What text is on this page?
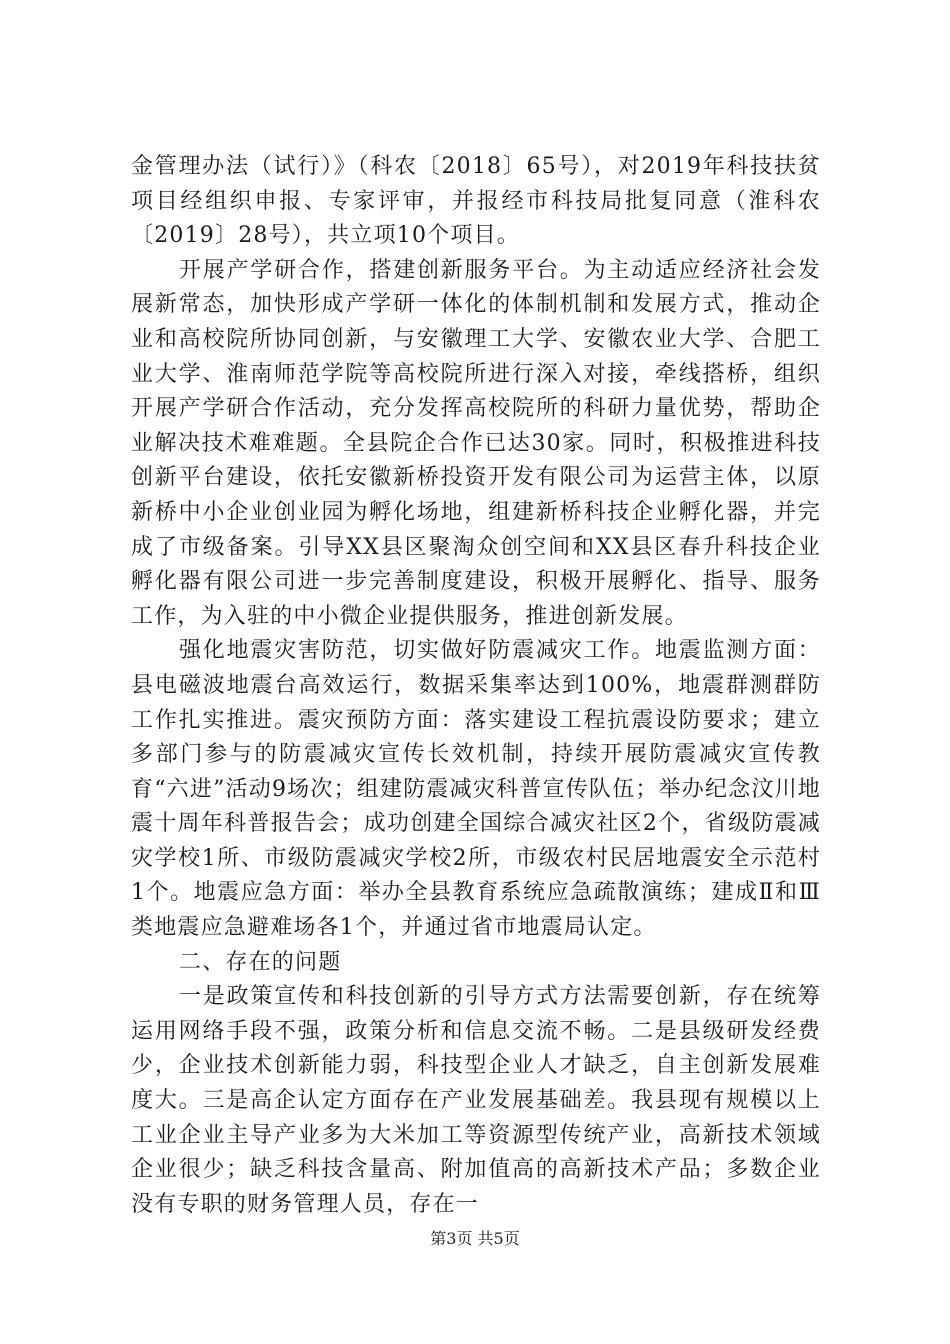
金管理办法（试行）》（科农〔2018〕65号），对2019年科技扶贫项目经组织申报、专家评审，并报经市科技局批复同意（淮科农〔2019〕28号），共立项10个项目。

开展产学研合作，搭建创新服务平台。为主动适应经济社会发展新常态，加快形成产学研一体化的体制机制和发展方式，推动企业和高校院所协同创新，与安徽理工大学、安徽农业大学、合肥工业大学、淮南师范学院等高校院所进行深入对接，牵线搭桥，组织开展产学研合作活动，充分发挥高校院所的科研力量优势，帮助企业解决技术难难题。全县院企合作已达30家。同时，积极推进科技创新平台建设，依托安徽新桥投资开发有限公司为运营主体，以原新桥中小企业创业园为孵化场地，组建新桥科技企业孵化器，并完成了市级备案。引导XX县区聚淘众创空间和XX县区春升科技企业孵化器有限公司进一步完善制度建设，积极开展孵化、指导、服务工作，为入驻的中小微企业提供服务，推进创新发展。

强化地震灾害防范，切实做好防震减灾工作。地震监测方面：县电磁波地震台高效运行，数据采集率达到100%，地震群测群防工作扎实推进。震灾预防方面：落实建设工程抗震设防要求；建立多部门参与的防震减灾宣传长效机制，持续开展防震减灾宣传教育“六进”活动9场次；组建防震减灾科普宣传队伍；举办纪念汶川地震十周年科普报告会；成功创建全国综合减灾社区2个，省级防震减灾学校1所、市级防震减灾学校2所，市级农村民居地震安全示范村1个。地震应急方面：举办全县教育系统应急疏散演练；建成Ⅱ和Ⅲ类地震应急避难场各1个，并通过省市地震局认定。

二、存在的问题

一是政策宣传和科技创新的引导方式方法需要创新，存在统筹运用网络手段不强，政策分析和信息交流不畅。二是县级研发经费少，企业技术创新能力弱，科技型企业人才缺乏，自主创新发展难度大。三是高企认定方面存在产业发展基础差。我县现有规模以上工业企业主导产业多为大米加工等资源型传统产业，高新技术领域企业很少；缺乏科技含量高、附加值高的高新技术产品；多数企业没有专职的财务管理人员，存在一

第3页 共5页
